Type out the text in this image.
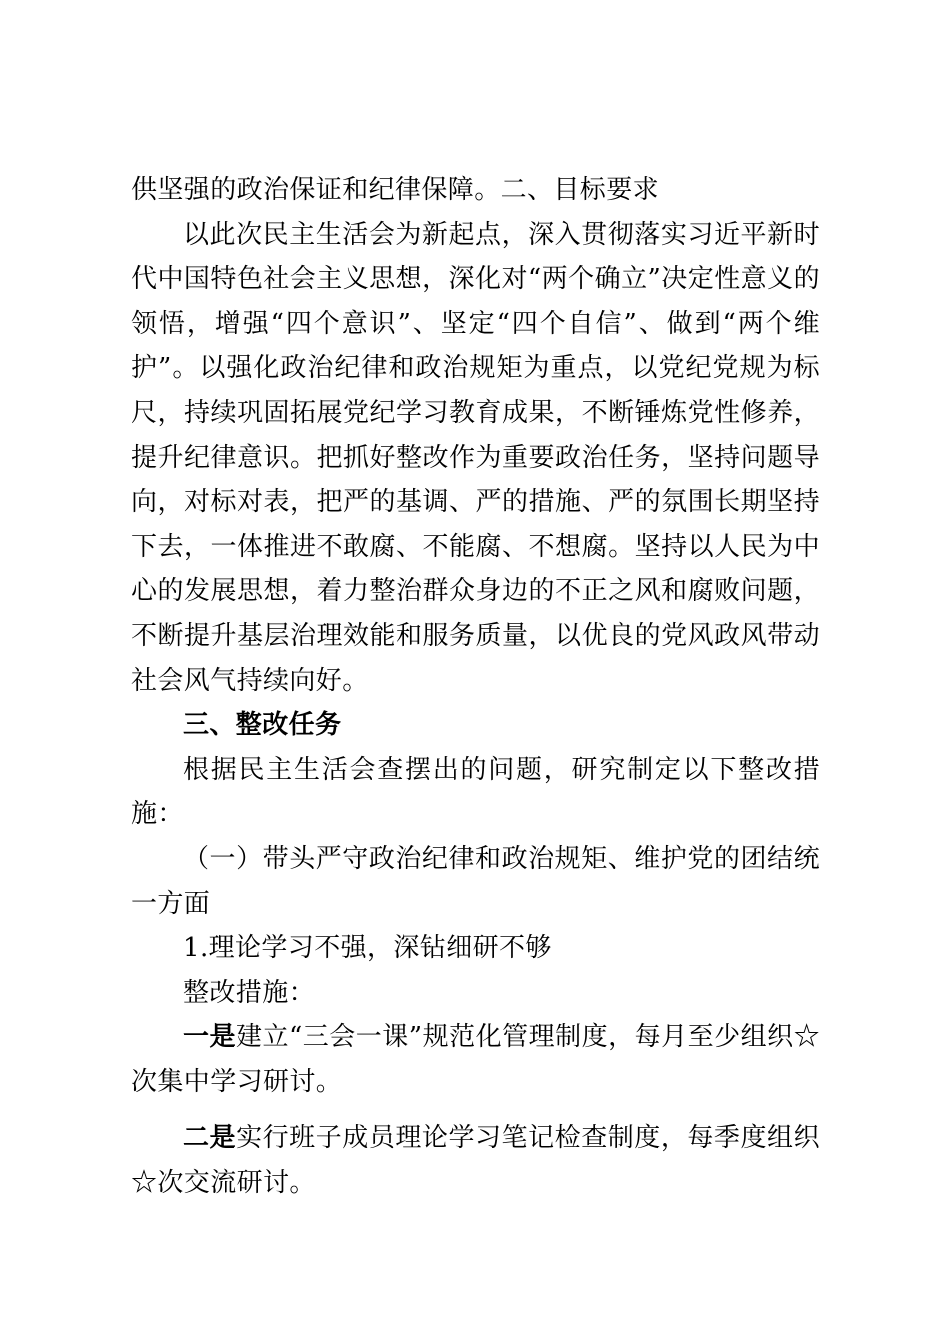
供坚强的政治保证和纪律保障。二、目标要求

以此次民主生活会为新起点，深入贯彻落实习近平新时代中国特色社会主义思想，深化对“两个确立”决定性意义的领悟，增强“四个意识”、坚定“四个自信”、做到“两个维护”。以强化政治纪律和政治规矩为重点，以党纪党规为标尺，持续巩固拓展党纪学习教育成果，不断锤炼党性修养，提升纪律意识。把抓好整改作为重要政治任务，坚持问题导向，对标对表，把严的基调、严的措施、严的氛围长期坚持下去，一体推进不敢腐、不能腐、不想腐。坚持以人民为中心的发展思想，着力整治群众身边的不正之风和腐败问题，不断提升基层治理效能和服务质量，以优良的党风政风带动社会风气持续向好。

三、整改任务

根据民主生活会查摆出的问题，研究制定以下整改措施：

（一）带头严守政治纪律和政治规矩、维护党的团结统一方面

1.理论学习不强，深钻细研不够

整改措施：

一是建立“三会一课”规范化管理制度，每月至少组织☆次集中学习研讨。

二是实行班子成员理论学习笔记检查制度，每季度组织☆次交流研讨。
